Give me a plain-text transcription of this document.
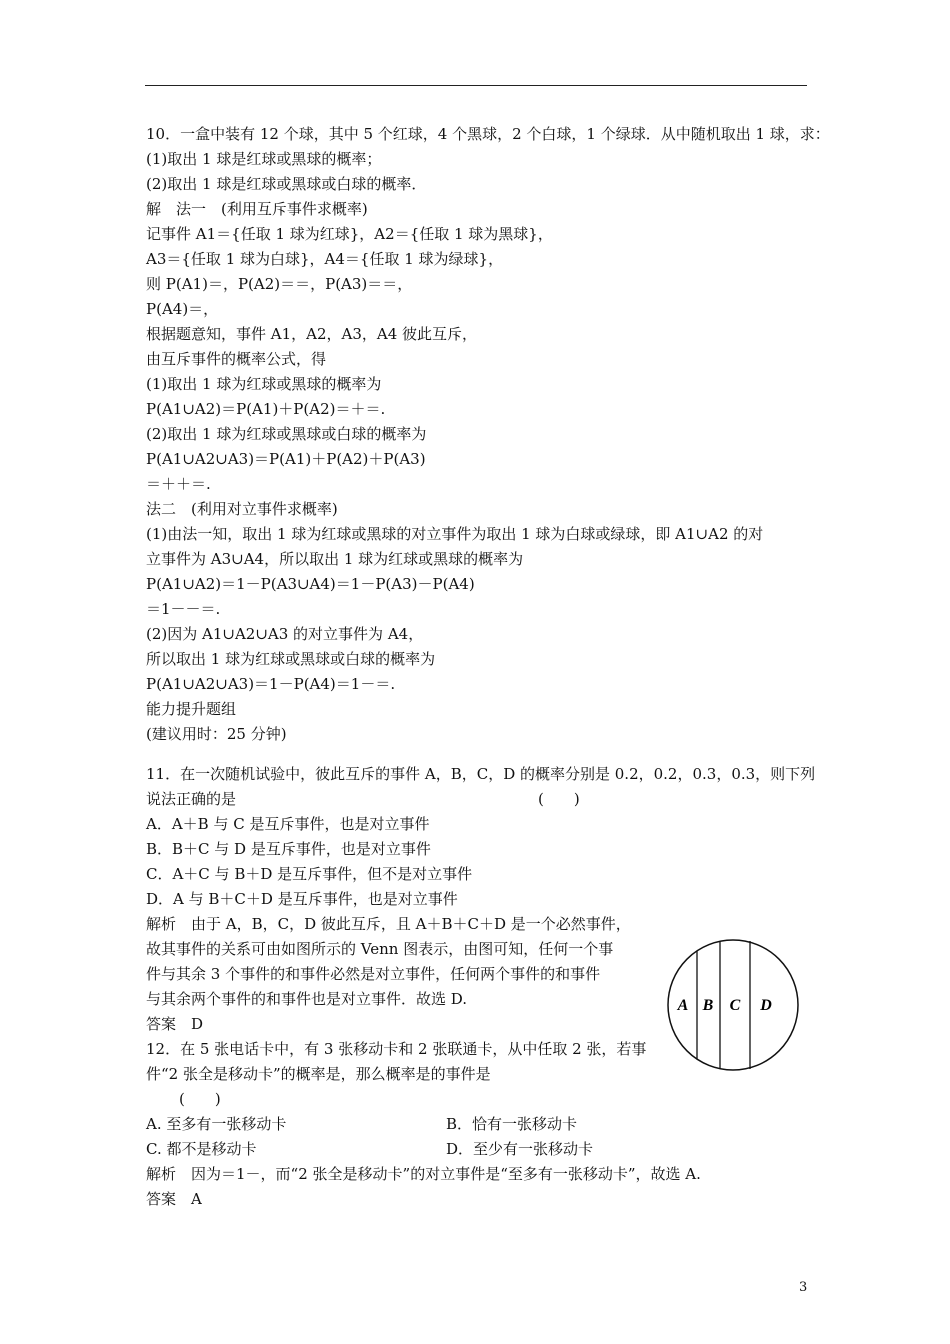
10．一盒中装有 12 个球，其中 5 个红球，4 个黑球，2 个白球，1 个绿球．从中随机取出 1 球，求：
(1)取出 1 球是红球或黑球的概率；
(2)取出 1 球是红球或黑球或白球的概率．
解　法一　(利用互斥事件求概率)
记事件 A1＝{任取 1 球为红球}，A2＝{任取 1 球为黑球}，
A3＝{任取 1 球为白球}，A4＝{任取 1 球为绿球}，
则 P(A1)＝，P(A2)＝＝，P(A3)＝＝，
P(A4)＝，
根据题意知，事件 A1，A2，A3，A4 彼此互斥，
由互斥事件的概率公式，得
(1)取出 1 球为红球或黑球的概率为
P(A1∪A2)＝P(A1)＋P(A2)＝＋＝.
(2)取出 1 球为红球或黑球或白球的概率为
P(A1∪A2∪A3)＝P(A1)＋P(A2)＋P(A3)
＝＋＋＝.
法二　(利用对立事件求概率)
(1)由法一知，取出 1 球为红球或黑球的对立事件为取出 1 球为白球或绿球，即 A1∪A2 的对
立事件为 A3∪A4，所以取出 1 球为红球或黑球的概率为
P(A1∪A2)＝1－P(A3∪A4)＝1－P(A3)－P(A4)
＝1－－＝.
(2)因为 A1∪A2∪A3 的对立事件为 A4，
所以取出 1 球为红球或黑球或白球的概率为
P(A1∪A2∪A3)＝1－P(A4)＝1－＝.
能力提升题组
(建议用时：25 分钟)
11．在一次随机试验中，彼此互斥的事件 A，B，C，D 的概率分别是 0.2，0.2，0.3，0.3，则下列
说法正确的是	(　　)
A．A＋B 与 C 是互斥事件，也是对立事件
B．B＋C 与 D 是互斥事件，也是对立事件
C．A＋C 与 B＋D 是互斥事件，但不是对立事件
D．A 与 B＋C＋D 是互斥事件，也是对立事件
解析　由于 A，B，C，D 彼此互斥，且 A＋B＋C＋D 是一个必然事件，
故其事件的关系可由如图所示的 Venn 图表示，由图可知，任何一个事
件与其余 3 个事件的和事件必然是对立事件，任何两个事件的和事件
与其余两个事件的和事件也是对立事件．故选 D.
答案　D
12．在 5 张电话卡中，有 3 张移动卡和 2 张联通卡，从中任取 2 张，若事
件“2 张全是移动卡”的概率是，那么概率是的事件是
(　　)
A. 至多有一张移动卡	B．恰有一张移动卡
C. 都不是移动卡	D．至少有一张移动卡
解析　因为＝1－，而“2 张全是移动卡”的对立事件是“至多有一张移动卡”，故选 A.
答案　A
A B C D
3
